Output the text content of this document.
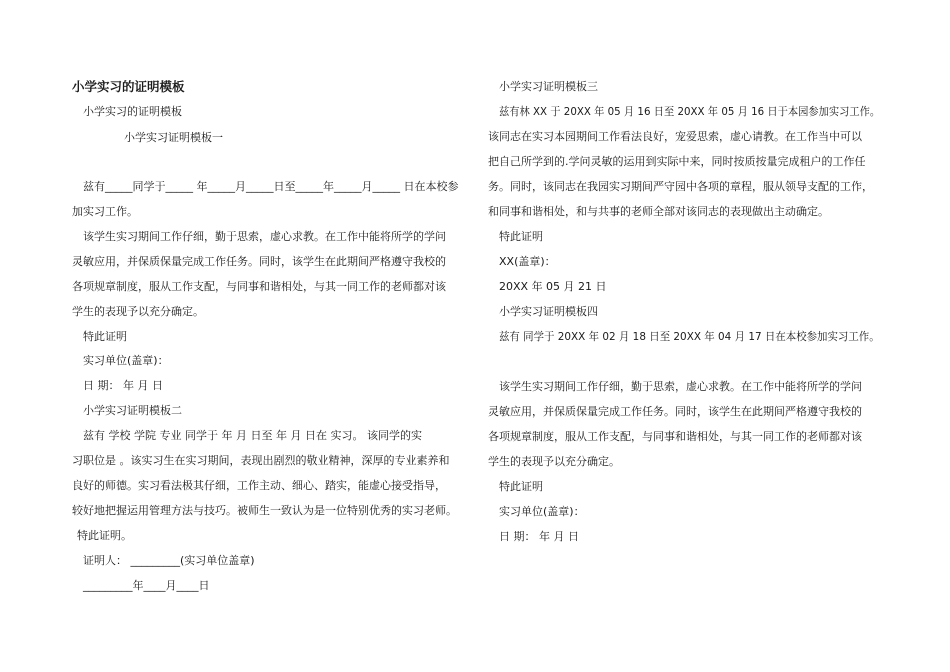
小学实习的证明模板
小学实习的证明模板
小学实习证明模板一
兹有_____同学于_____ 年_____月_____日至_____年_____月_____ 日在本校参
加实习工作。
该学生实习期间工作仔细，勤于思索，虚心求教。在工作中能将所学的学问
灵敏应用，并保质保量完成工作任务。同时，该学生在此期间严格遵守我校的
各项规章制度，服从工作支配，与同事和谐相处，与其一同工作的老师都对该
学生的表现予以充分确定。
特此证明
实习单位(盖章)：
日 期： 年 月 日
小学实习证明模板二
兹有 学校 学院 专业 同学于 年 月 日至 年 月 日在 实习。 该同学的实
习职位是 。该实习生在实习期间，表现出剧烈的敬业精神，深厚的专业素养和
良好的师德。实习看法极其仔细，工作主动、细心、踏实，能虚心接受指导，
较好地把握运用管理方法与技巧。被师生一致认为是一位特别优秀的实习老师。
特此证明。
证明人： _________(实习单位盖章)
_________年____月____日
小学实习证明模板三
兹有林 XX 于 20XX 年 05 月 16 日至 20XX 年 05 月 16 日于本园参加实习工作。
该同志在实习本园期间工作看法良好，宠爱思索，虚心请教。在工作当中可以
把自己所学到的.学问灵敏的运用到实际中来，同时按质按量完成租户的工作任
务。同时，该同志在我园实习期间严守园中各项的章程，服从领导支配的工作，
和同事和谐相处，和与共事的老师全部对该同志的表现做出主动确定。
特此证明
XX(盖章)：
20XX 年 05 月 21 日
小学实习证明模板四
兹有 同学于 20XX 年 02 月 18 日至 20XX 年 04 月 17 日在本校参加实习工作。
该学生实习期间工作仔细，勤于思索，虚心求教。在工作中能将所学的学问
灵敏应用，并保质保量完成工作任务。同时，该学生在此期间严格遵守我校的
各项规章制度，服从工作支配，与同事和谐相处，与其一同工作的老师都对该
学生的表现予以充分确定。
特此证明
实习单位(盖章)：
日 期： 年 月 日
